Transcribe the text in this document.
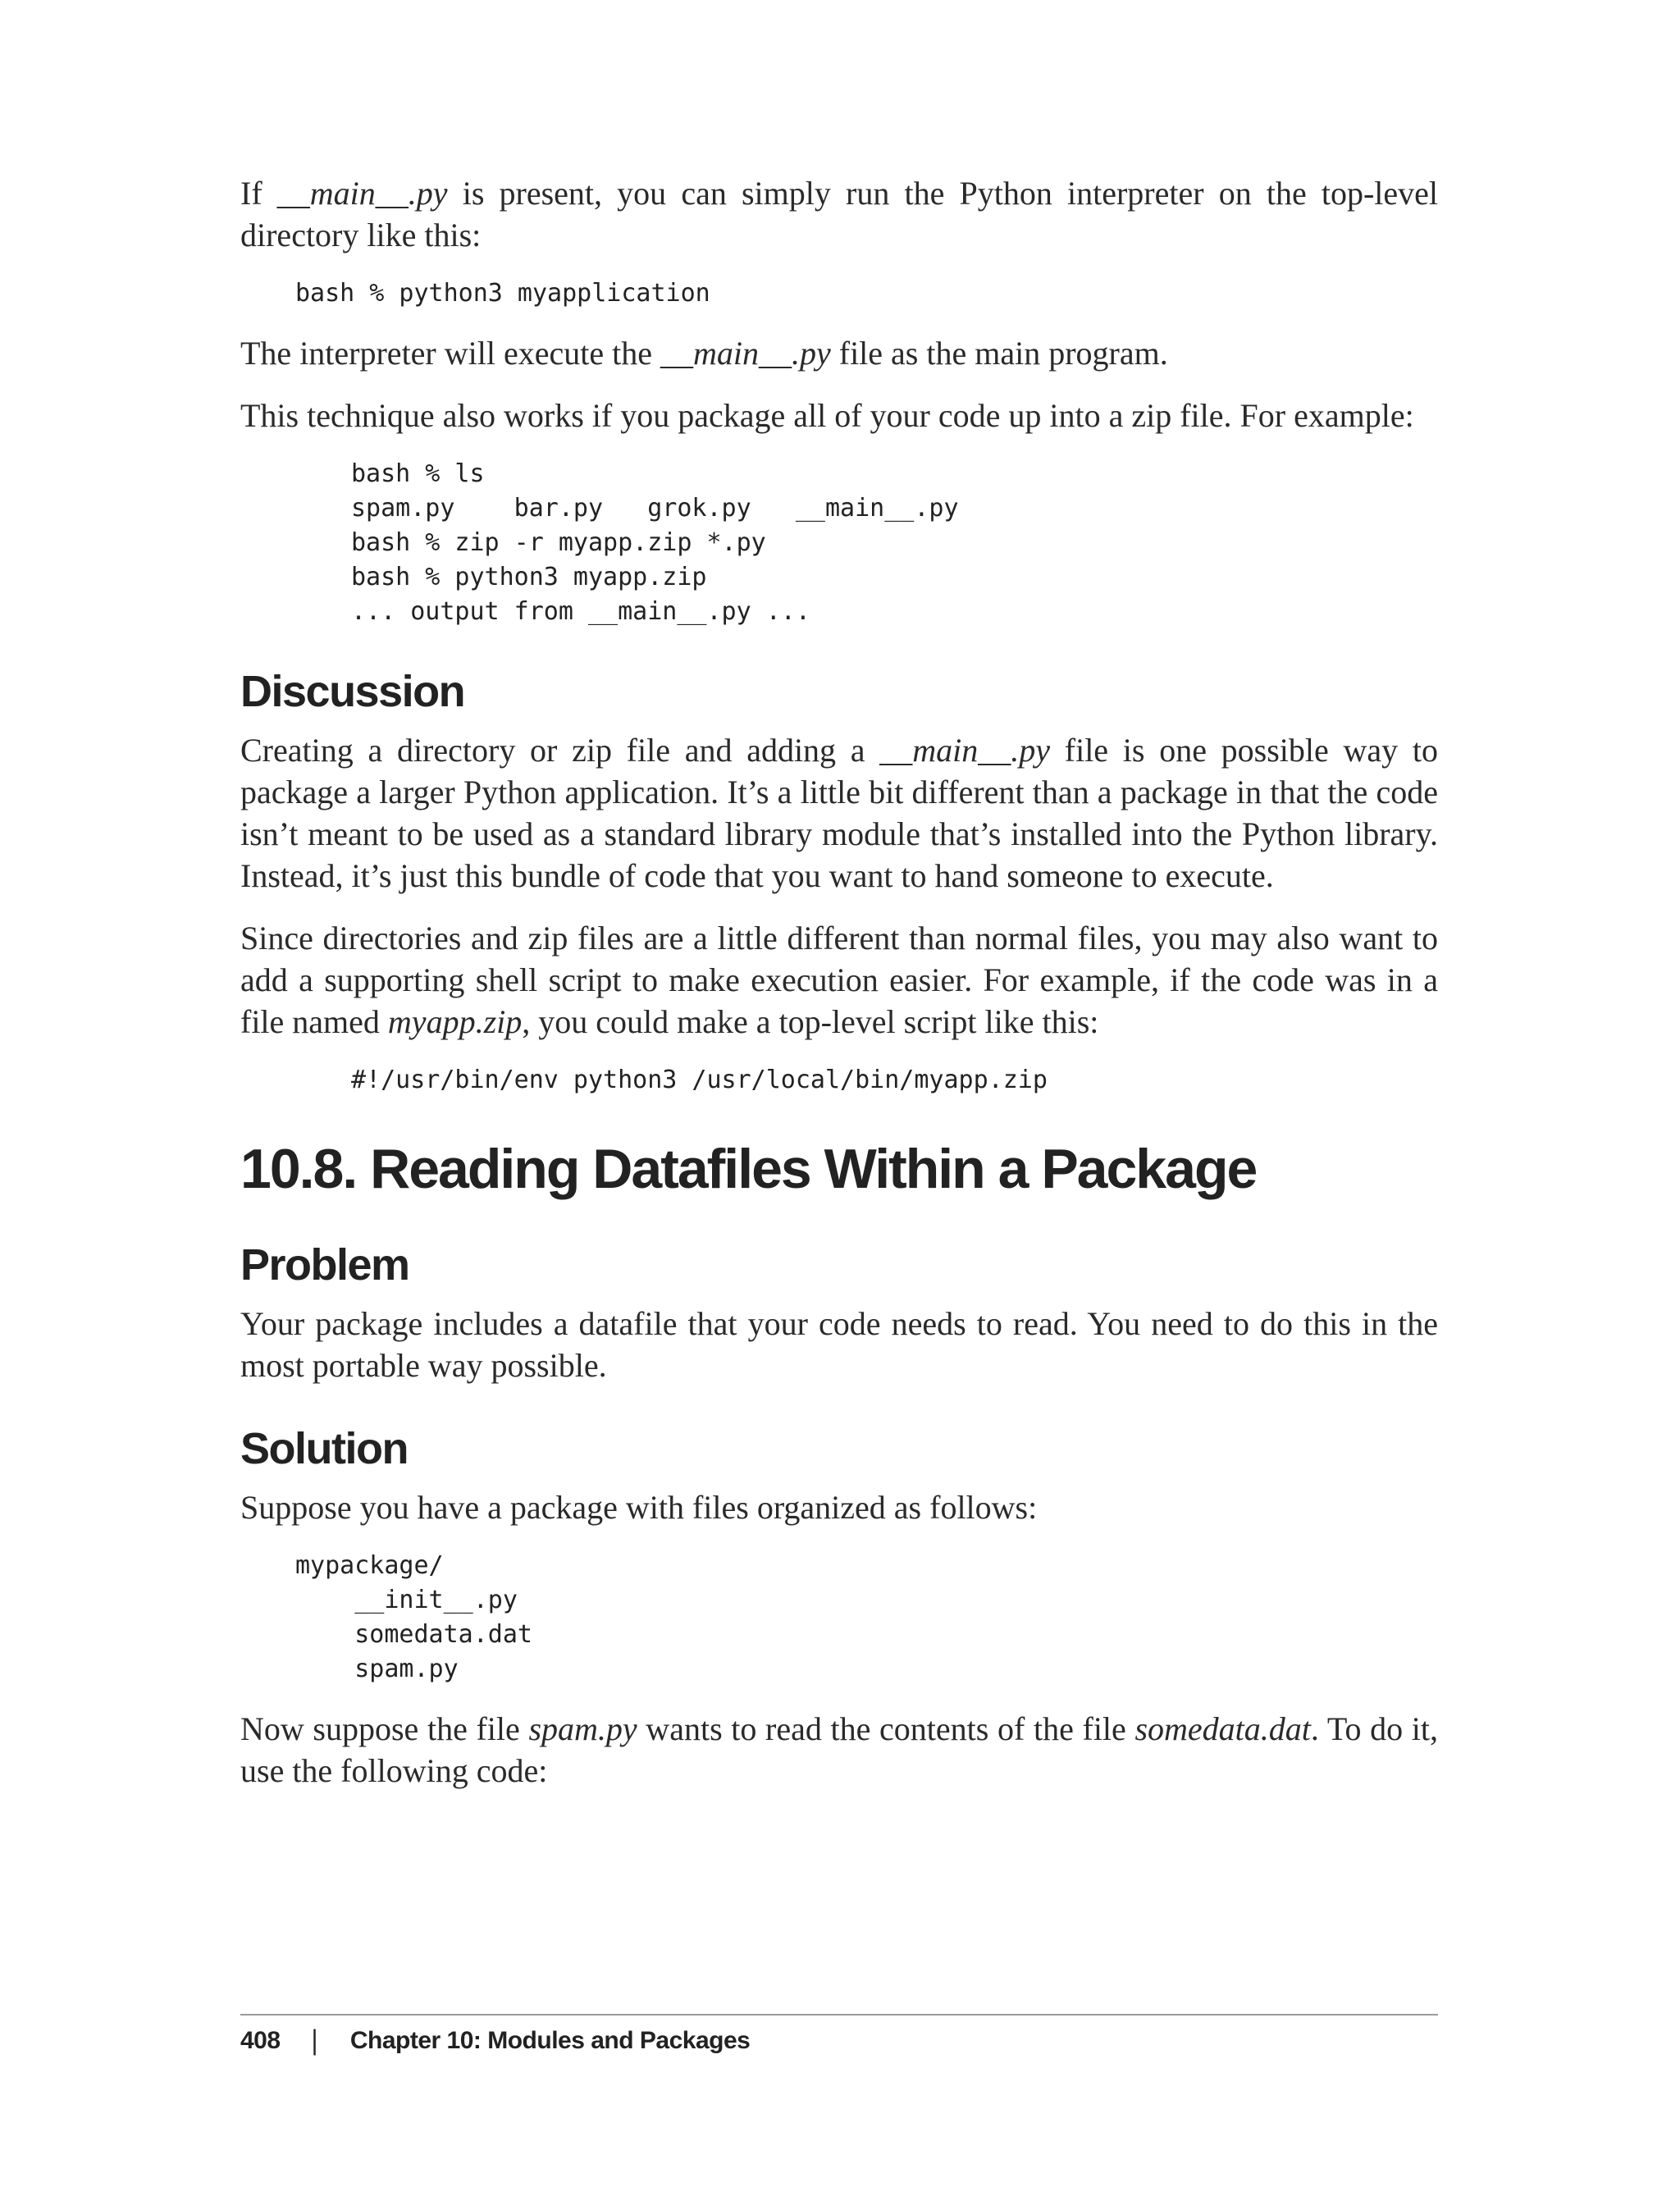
If __main__.py is present, you can simply run the Python interpreter on the top-level directory like this:

bash % python3 myapplication

The interpreter will execute the __main__.py file as the main program.

This technique also works if you package all of your code up into a zip file. For example:

bash % ls
spam.py    bar.py   grok.py   __main__.py
bash % zip -r myapp.zip *.py
bash % python3 myapp.zip
... output from __main__.py ...
Discussion

Creating a directory or zip file and adding a __main__.py file is one possible way to package a larger Python application. It’s a little bit different than a package in that the code isn’t meant to be used as a standard library module that’s installed into the Python library. Instead, it’s just this bundle of code that you want to hand someone to execute.

Since directories and zip files are a little different than normal files, you may also want to add a supporting shell script to make execution easier. For example, if the code was in a file named myapp.zip, you could make a top-level script like this:

#!/usr/bin/env python3 /usr/local/bin/myapp.zip
10.8. Reading Datafiles Within a Package
Problem

Your package includes a datafile that your code needs to read. You need to do this in the most portable way possible.

Solution

Suppose you have a package with files organized as follows:

mypackage/
__init__.py
somedata.dat
spam.py

Now suppose the file spam.py wants to read the contents of the file somedata.dat. To do it, use the following code:

408 | Chapter 10: Modules and Packages
